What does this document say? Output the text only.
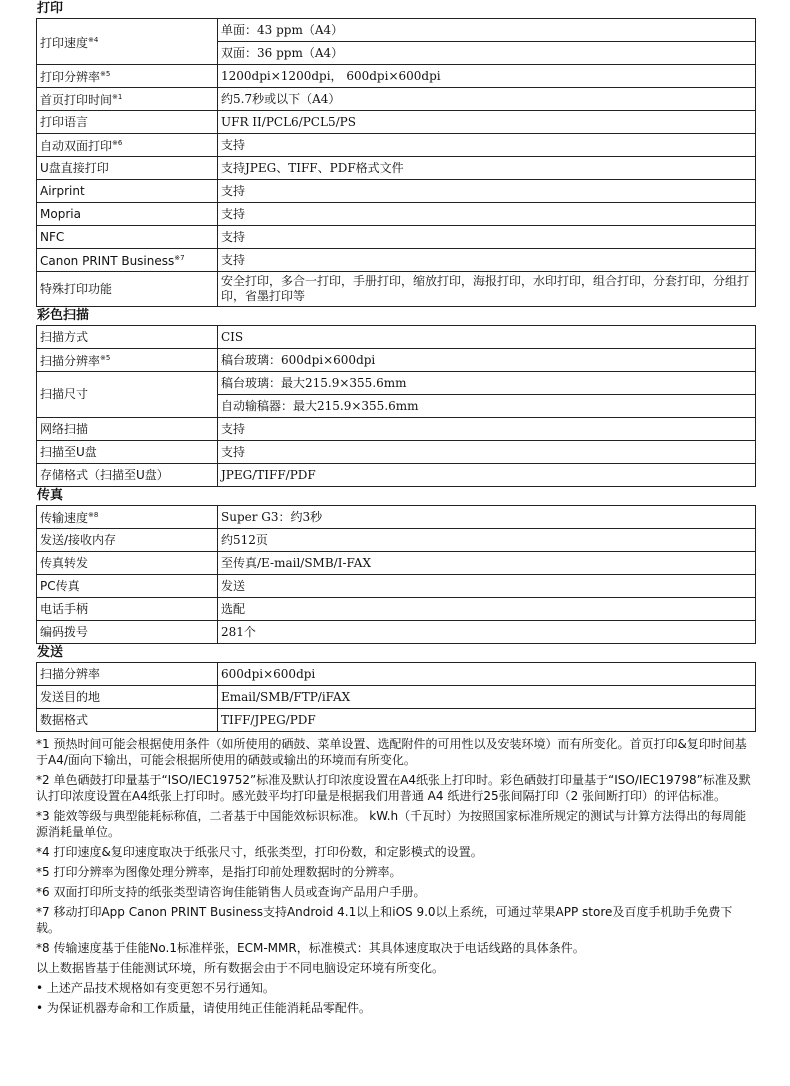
打印
打印速度$^{※4}$	单面：43 ppm（A4）
	双面：36 ppm（A4）
打印分辨率$^{※5}$	1200dpi×1200dpi， 600dpi×600dpi
首页打印时间$^{※1}$	约5.7秒或以下（A4）
打印语言	UFR II/PCL6/PCL5/PS
自动双面打印$^{※6}$	支持
U盘直接打印	支持JPEG、TIFF、PDF格式文件
Airprint	支持
Mopria	支持
NFC	支持
Canon PRINT Business$^{※7}$	支持
特殊打印功能	安全打印，多合一打印，手册打印，缩放打印，海报打印，水印打印，组合打印，分套打印，分组打印，省墨打印等
彩色扫描
扫描方式	CIS
扫描分辨率$^{※5}$	稿台玻璃：600dpi×600dpi
扫描尺寸	稿台玻璃：最大215.9×355.6mm
	自动输稿器：最大215.9×355.6mm
网络扫描	支持
扫描至U盘	支持
存储格式（扫描至U盘）	JPEG/TIFF/PDF
传真
传输速度$^{※8}$	Super G3：约3秒
发送/接收内存	约512页
传真转发	至传真/E-mail/SMB/I-FAX
PC传真	发送
电话手柄	选配
编码拨号	281个
发送
扫描分辨率	600dpi×600dpi
发送目的地	Email/SMB/FTP/iFAX
数据格式	TIFF/JPEG/PDF

*1 预热时间可能会根据使用条件（如所使用的硒鼓、菜单设置、选配附件的可用性以及安装环境）而有所变化。首页打印&复印时间基于A4/面向下输出，可能会根据所使用的硒鼓或输出的环境而有所变化。

*2 单色硒鼓打印量基于“ISO/IEC19752”标准及默认打印浓度设置在A4纸张上打印时。彩色硒鼓打印量基于“ISO/IEC19798”标准及默认打印浓度设置在A4纸张上打印时。感光鼓平均打印量是根据我们用普通 A4 纸进行25张间隔打印（2 张间断打印）的评估标准。

*3 能效等级与典型能耗标称值，二者基于中国能效标识标准。 kW.h（千瓦时）为按照国家标准所规定的测试与计算方法得出的每周能源消耗量单位。

*4 打印速度&复印速度取决于纸张尺寸，纸张类型，打印份数，和定影模式的设置。

*5 打印分辨率为图像处理分辨率，是指打印前处理数据时的分辨率。

*6 双面打印所支持的纸张类型请咨询佳能销售人员或查询产品用户手册。

*7 移动打印App Canon PRINT Business支持Android 4.1以上和iOS 9.0以上系统，可通过苹果APP store及百度手机助手免费下载。

*8 传输速度基于佳能No.1标准样张，ECM-MMR，标准模式：其具体速度取决于电话线路的具体条件。

以上数据皆基于佳能测试环境，所有数据会由于不同电脑设定环境有所变化。

• 上述产品技术规格如有变更恕不另行通知。

• 为保证机器寿命和工作质量，请使用纯正佳能消耗品零配件。
